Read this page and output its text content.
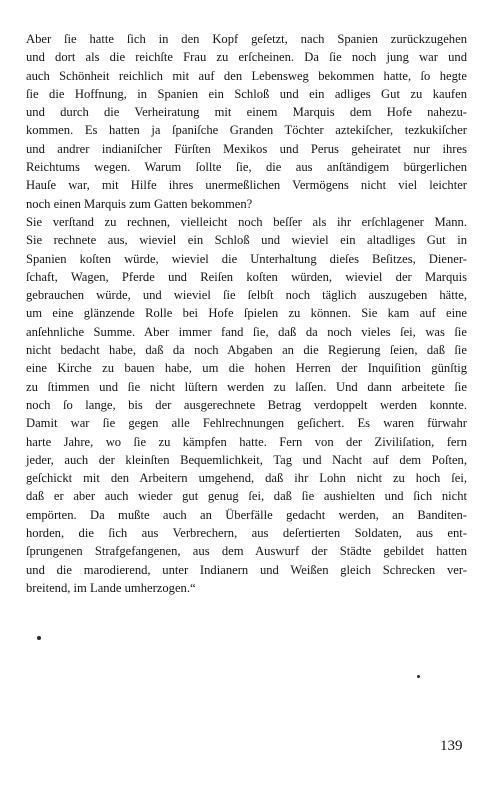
Aber ſie hatte ſich in den Kopf geſetzt, nach Spanien zurückzugehen
und dort als die reichſte Frau zu erſcheinen. Da ſie noch jung war und
auch Schönheit reichlich mit auf den Lebensweg bekommen hatte, ſo hegte
ſie die Hoffnung, in Spanien ein Schloß und ein adliges Gut zu kaufen
und durch die Verheiratung mit einem Marquis dem Hofe nahezu-
kommen. Es hatten ja ſpaniſche Granden Töchter aztekiſcher, tezkukiſcher
und andrer indianiſcher Fürſten Mexikos und Perus geheiratet nur ihres
Reichtums wegen. Warum ſollte ſie, die aus anſtändigem bürgerlichen
Hauſe war, mit Hilfe ihres unermeßlichen Vermögens nicht viel leichter
noch einen Marquis zum Gatten bekommen?
Sie verſtand zu rechnen, vielleicht noch beſſer als ihr erſchlagener Mann.
Sie rechnete aus, wieviel ein Schloß und wieviel ein altadliges Gut in
Spanien koſten würde, wieviel die Unterhaltung dieſes Beſitzes, Diener-
ſchaft, Wagen, Pferde und Reiſen koſten würden, wieviel der Marquis
gebrauchen würde, und wieviel ſie ſelbſt noch täglich auszugeben hätte,
um eine glänzende Rolle bei Hofe ſpielen zu können. Sie kam auf eine
anſehnliche Summe. Aber immer fand ſie, daß da noch vieles ſei, was ſie
nicht bedacht habe, daß da noch Abgaben an die Regierung ſeien, daß ſie
eine Kirche zu bauen habe, um die hohen Herren der Inquiſition günſtig
zu ſtimmen und ſie nicht lüſtern werden zu laſſen. Und dann arbeitete ſie
noch ſo lange, bis der ausgerechnete Betrag verdoppelt werden konnte.
Damit war ſie gegen alle Fehlrechnungen geſichert. Es waren fürwahr
harte Jahre, wo ſie zu kämpfen hatte. Fern von der Ziviliſation, fern
jeder, auch der kleinſten Bequemlichkeit, Tag und Nacht auf dem Poſten,
geſchickt mit den Arbeitern umgehend, daß ihr Lohn nicht zu hoch ſei,
daß er aber auch wieder gut genug ſei, daß ſie aushielten und ſich nicht
empörten. Da mußte auch an Überfälle gedacht werden, an Banditen-
horden, die ſich aus Verbrechern, aus deſertierten Soldaten, aus ent-
ſprungenen Strafgefangenen, aus dem Auswurf der Städte gebildet hatten
und die marodierend, unter Indianern und Weißen gleich Schrecken ver-
breitend, im Lande umherzogen.“
139
